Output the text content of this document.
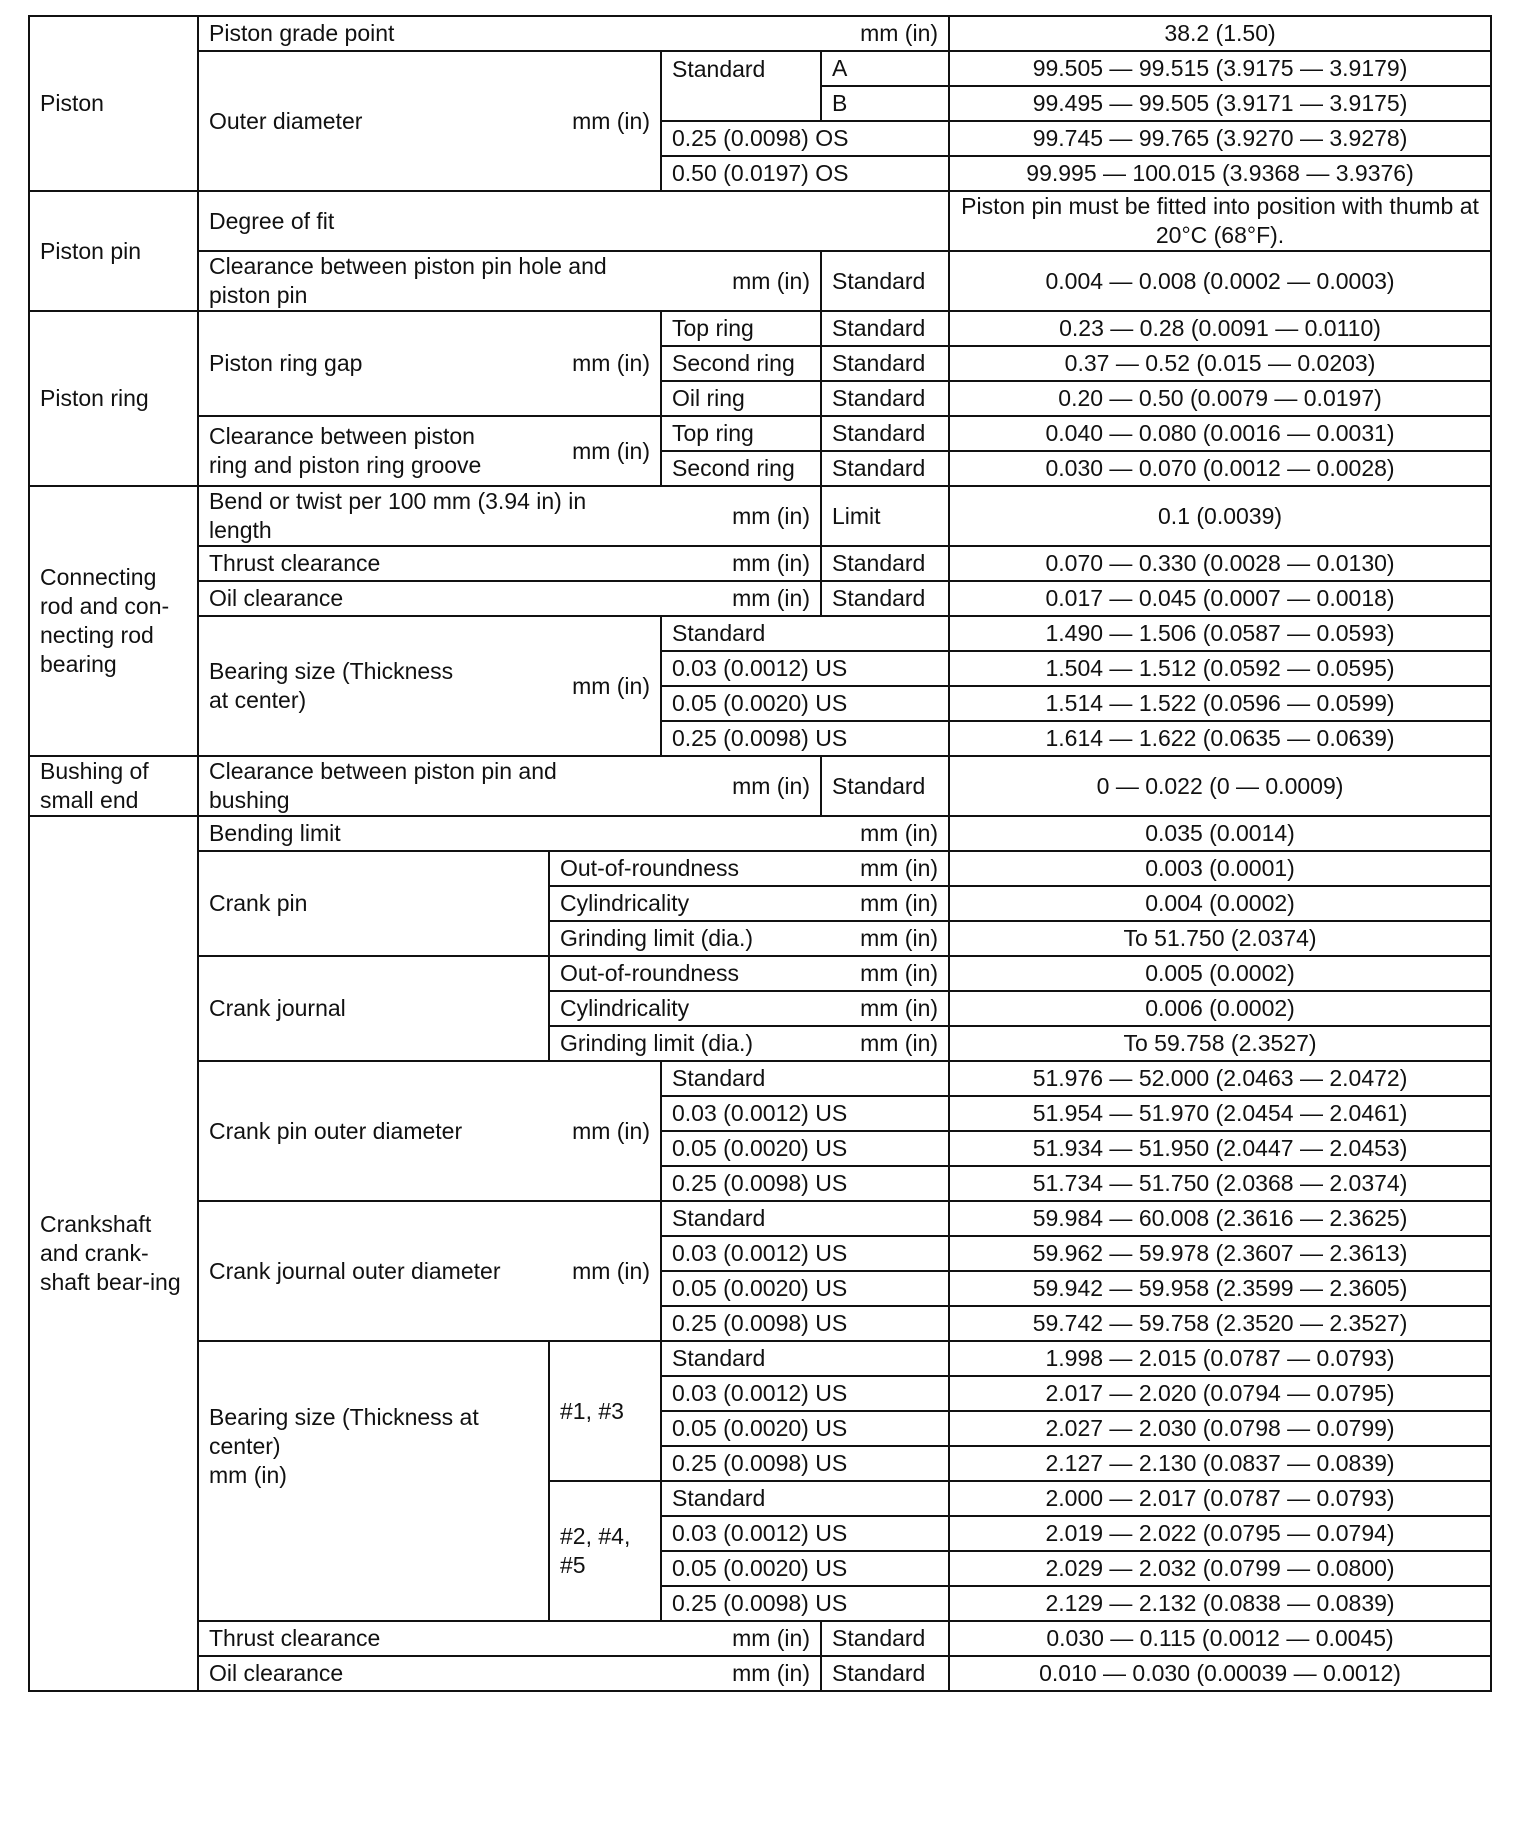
Piston	Piston grade point mm (in)				38.2 (1.50)

	Outer diameter mm (in)		Standard	A	99.505 — 99.515 (3.9175 — 3.9179)
				B	99.495 — 99.505 (3.9171 — 3.9175)
			0.25 (0.0098) OS		99.745 — 99.765 (3.9270 — 3.9278)
			0.50 (0.0197) OS		99.995 — 100.015 (3.9368 — 3.9376)
Piston pin	Degree of fit				Piston pin must be fitted into position with thumb at 20°C (68°F).

	Clearance between piston pin hole and piston pin
mm (in)			Standard	0.004 — 0.008 (0.0002 — 0.0003)
Piston ring	Piston ring gap mm (in)		Top ring	Standard	0.23 — 0.28 (0.0091 — 0.0110)
			Second ring	Standard	0.37 — 0.52 (0.015 — 0.0203)
			Oil ring	Standard	0.20 — 0.50 (0.0079 — 0.0197)

	Clearance between piston ring and piston ring groove
mm (in)		Top ring	Standard	0.040 — 0.080 (0.0016 — 0.0031)
			Second ring	Standard	0.030 — 0.070 (0.0012 — 0.0028)
Connecting rod and con-necting rod bearing	Bend or twist per 100 mm (3.94 in) in length
mm (in)			Limit	0.1 (0.0039)

	Thrust clearance mm (in)			Standard	0.070 — 0.330 (0.0028 — 0.0130)

	Oil clearance mm (in)			Standard	0.017 — 0.045 (0.0007 — 0.0018)

	Bearing size (Thickness at center)
mm (in)		Standard		1.490 — 1.506 (0.0587 — 0.0593)
			0.03 (0.0012) US		1.504 — 1.512 (0.0592 — 0.0595)
			0.05 (0.0020) US		1.514 — 1.522 (0.0596 — 0.0599)
			0.25 (0.0098) US		1.614 — 1.622 (0.0635 — 0.0639)
Bushing of small end	Clearance between piston pin and bushing
mm (in)			Standard	0 — 0.022 (0 — 0.0009)
Crankshaft and crank-shaft bear-ing	Bending limit mm (in)				0.035 (0.0014)
	Crank pin	Out-of-roundness mm (in)			0.003 (0.0001)

		Cylindricality mm (in)			0.004 (0.0002)

		Grinding limit (dia.) mm (in)			To 51.750 (2.0374)
	Crank journal	Out-of-roundness mm (in)			0.005 (0.0002)

		Cylindricality mm (in)			0.006 (0.0002)

		Grinding limit (dia.) mm (in)			To 59.758 (2.3527)

	Crank pin outer diameter mm (in)		Standard		51.976 — 52.000 (2.0463 — 2.0472)
			0.03 (0.0012) US		51.954 — 51.970 (2.0454 — 2.0461)
			0.05 (0.0020) US		51.934 — 51.950 (2.0447 — 2.0453)
			0.25 (0.0098) US		51.734 — 51.750 (2.0368 — 2.0374)

	Crank journal outer diameter mm (in)		Standard		59.984 — 60.008 (2.3616 — 2.3625)
			0.03 (0.0012) US		59.962 — 59.978 (2.3607 — 2.3613)
			0.05 (0.0020) US		59.942 — 59.958 (2.3599 — 2.3605)
			0.25 (0.0098) US		59.742 — 59.758 (2.3520 — 2.3527)

	Bearing size (Thickness at center)
mm (in)	#1, #3	Standard		1.998 — 2.015 (0.0787 — 0.0793)
			0.03 (0.0012) US		2.017 — 2.020 (0.0794 — 0.0795)
			0.05 (0.0020) US		2.027 — 2.030 (0.0798 — 0.0799)
			0.25 (0.0098) US		2.127 — 2.130 (0.0837 — 0.0839)
		#2, #4, #5	Standard		2.000 — 2.017 (0.0787 — 0.0793)
			0.03 (0.0012) US		2.019 — 2.022 (0.0795 — 0.0794)
			0.05 (0.0020) US		2.029 — 2.032 (0.0799 — 0.0800)
			0.25 (0.0098) US		2.129 — 2.132 (0.0838 — 0.0839)

	Thrust clearance mm (in)			Standard	0.030 — 0.115 (0.0012 — 0.0045)

	Oil clearance mm (in)			Standard	0.010 — 0.030 (0.00039 — 0.0012)
